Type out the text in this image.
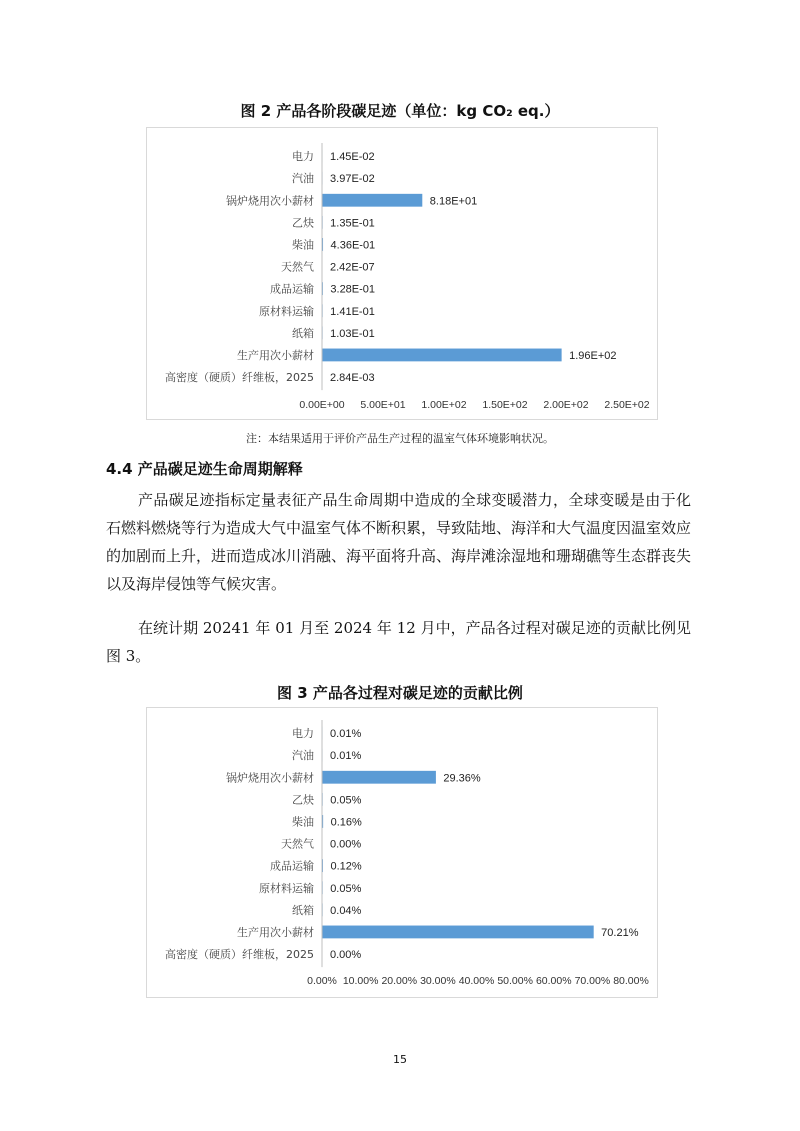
图 2 产品各阶段碳足迹（单位：kg CO₂ eq.）
电力 1.45E-02
汽油 3.97E-02
锅炉烧用次小薪材	8.18E+01
乙炔 1.35E-01
柴油 4.36E-01
天然气 2.42E-07
成品运输 3.28E-01
原材料运输 1.41E-01
纸箱 1.03E-01
生产用次小薪材	1.96E+02
高密度（硬质）纤维板，2025 2.84E-03
0.00E+00 5.00E+01 1.00E+02 1.50E+02 2.00E+02 2.50E+02
注：本结果适用于评价产品生产过程的温室气体环境影响状况。
4.4 产品碳足迹生命周期解释
产品碳足迹指标定量表征产品生命周期中造成的全球变暖潜力，全球变暖是由于化石燃料燃烧等行为造成大气中温室气体不断积累，导致陆地、海洋和大气温度因温室效应的加剧而上升，进而造成冰川消融、海平面将升高、海岸滩涂湿地和珊瑚礁等生态群丧失以及海岸侵蚀等气候灾害。
在统计期 20241 年 01 月至 2024 年 12 月中，产品各过程对碳足迹的贡献比例见图 3。
图 3 产品各过程对碳足迹的贡献比例
电力 0.01%
汽油 0.01%
锅炉烧用次小薪材	29.36%
乙炔 0.05%
柴油 0.16%
天然气 0.00%
成品运输 0.12%
原材料运输 0.05%
纸箱 0.04%
生产用次小薪材	70.21%
高密度（硬质）纤维板，2025 0.00%
0.00% 10.00% 20.00% 30.00% 40.00% 50.00% 60.00% 70.00% 80.00%
15
